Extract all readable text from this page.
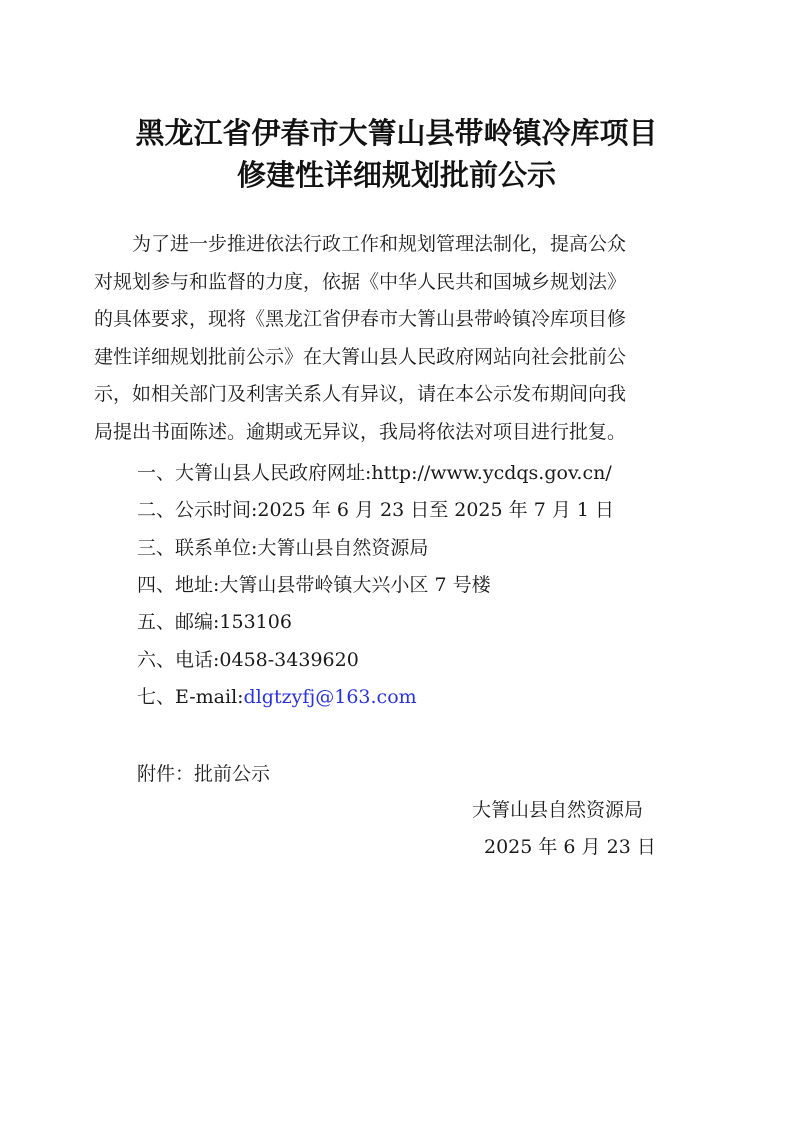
黑龙江省伊春市大箐山县带岭镇冷库项目
修建性详细规划批前公示

　　为了进一步推进依法行政工作和规划管理法制化，提高公众

对规划参与和监督的力度，依据《中华人民共和国城乡规划法》

的具体要求，现将《黑龙江省伊春市大箐山县带岭镇冷库项目修

建性详细规划批前公示》在大箐山县人民政府网站向社会批前公

示，如相关部门及利害关系人有异议，请在本公示发布期间向我

局提出书面陈述。逾期或无异议，我局将依法对项目进行批复。

一、大箐山县人民政府网址:http://www.ycdqs.gov.cn/
二、公示时间:2025 年 6 月 23 日至 2025 年 7 月 1 日
三、联系单位:大箐山县自然资源局
四、地址:大箐山县带岭镇大兴小区 7 号楼
五、邮编:153106
六、电话:0458-3439620
七、E-mail:dlgtzyfj@163.com
附件：批前公示
大箐山县自然资源局
2025 年 6 月 23 日
